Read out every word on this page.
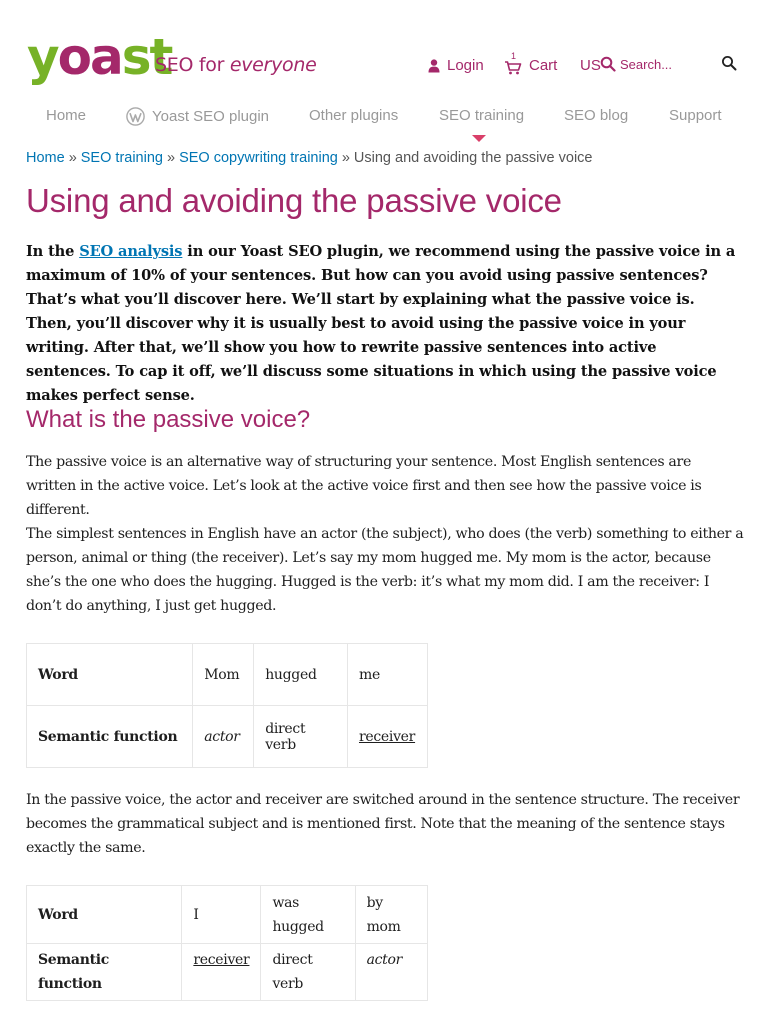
yoast
SEO for everyone	Login
1
Cart US
Search...
Home	Yoast SEO plugin	Other plugins	SEO training	SEO blog	Support
Home » SEO training » SEO copywriting training » Using and avoiding the passive voice
Using and avoiding the passive voice

In the SEO analysis in our Yoast SEO plugin, we recommend using the passive voice in a maximum of 10% of your sentences. But how can you avoid using passive sentences? That’s what you’ll discover here. We’ll start by explaining what the passive voice is. Then, you’ll discover why it is usually best to avoid using the passive voice in your writing. After that, we’ll show you how to rewrite passive sentences into active sentences. To cap it off, we’ll discuss some situations in which using the passive voice makes perfect sense.

What is the passive voice?

The passive voice is an alternative way of structuring your sentence. Most English sentences are written in the active voice. Let’s look at the active voice first and then see how the passive voice is different.

The simplest sentences in English have an actor (the subject), who does (the verb) something to either a person, animal or thing (the receiver). Let’s say my mom hugged me. My mom is the actor, because she’s the one who does the hugging. Hugged is the verb: it’s what my mom did. I am the receiver: I don’t do anything, I just get hugged.

Word	Mom	hugged	me
Semantic function	actor	direct verb	receiver

In the passive voice, the actor and receiver are switched around in the sentence structure. The receiver becomes the grammatical subject and is mentioned first. Note that the meaning of the sentence stays exactly the same.

Word	I	was hugged	by mom
Semantic function	receiver	direct verb	actor
